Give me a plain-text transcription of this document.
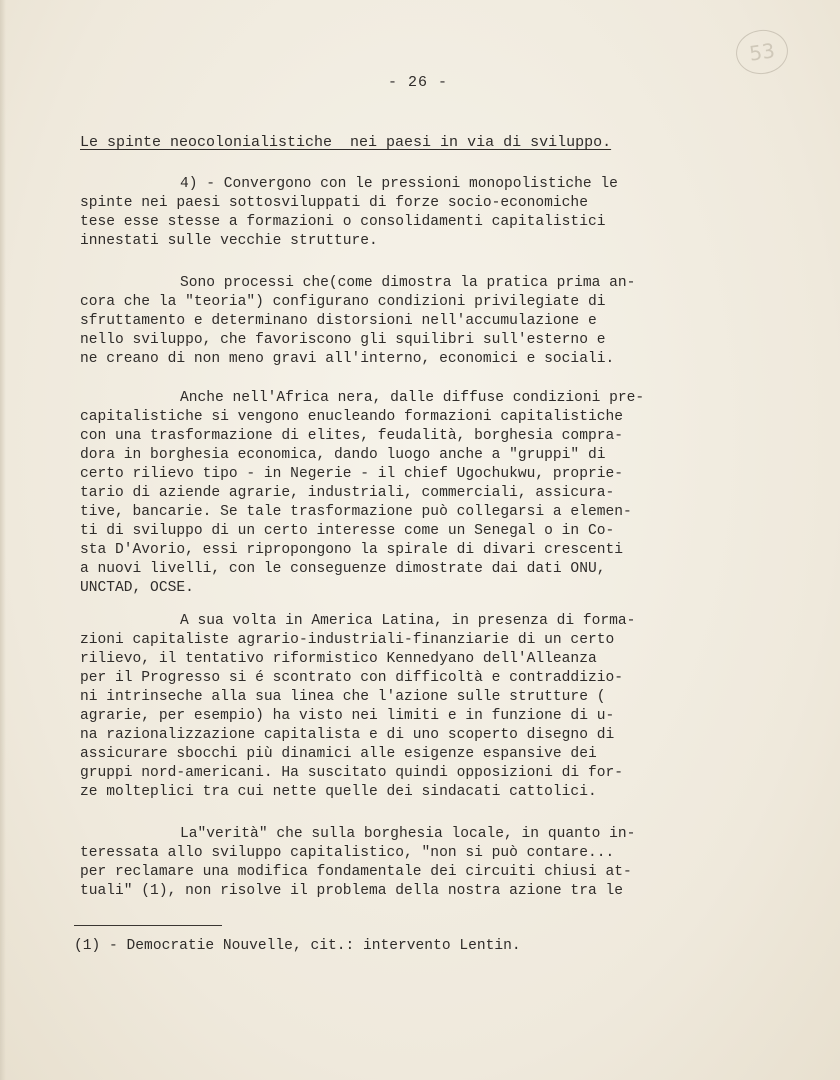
53
- 26 -
Le spinte neocolonialistiche  nei paesi in via di sviluppo.
4) - Convergono con le pressioni monopolistiche le
spinte nei paesi sottosviluppati di forze socio-economiche
tese esse stesse a formazioni o consolidamenti capitalistici
innestati sulle vecchie strutture.
Sono processi che(come dimostra la pratica prima an-
cora che la "teoria") configurano condizioni privilegiate di
sfruttamento e determinano distorsioni nell'accumulazione e
nello sviluppo, che favoriscono gli squilibri sull'esterno e
ne creano di non meno gravi all'interno, economici e sociali.
Anche nell'Africa nera, dalle diffuse condizioni pre-
capitalistiche si vengono enucleando formazioni capitalistiche
con una trasformazione di elites, feudalità, borghesia compra-
dora in borghesia economica, dando luogo anche a "gruppi" di
certo rilievo tipo - in Negerie - il chief Ugochukwu, proprie-
tario di aziende agrarie, industriali, commerciali, assicura-
tive, bancarie. Se tale trasformazione può collegarsi a elemen-
ti di sviluppo di un certo interesse come un Senegal o in Co-
sta D'Avorio, essi ripropongono la spirale di divari crescenti
a nuovi livelli, con le conseguenze dimostrate dai dati ONU,
UNCTAD, OCSE.
A sua volta in America Latina, in presenza di forma-
zioni capitaliste agrario-industriali-finanziarie di un certo
rilievo, il tentativo riformistico Kennedyano dell'Alleanza
per il Progresso si é scontrato con difficoltà e contraddizio-
ni intrinseche alla sua linea che l'azione sulle strutture (
agrarie, per esempio) ha visto nei limiti e in funzione di u-
na razionalizzazione capitalista e di uno scoperto disegno di
assicurare sbocchi più dinamici alle esigenze espansive dei
gruppi nord-americani. Ha suscitato quindi opposizioni di for-
ze molteplici tra cui nette quelle dei sindacati cattolici.
La"verità" che sulla borghesia locale, in quanto in-
teressata allo sviluppo capitalistico, "non si può contare...
per reclamare una modifica fondamentale dei circuiti chiusi at-
tuali" (1), non risolve il problema della nostra azione tra le
(1) - Democratie Nouvelle, cit.: intervento Lentin.
